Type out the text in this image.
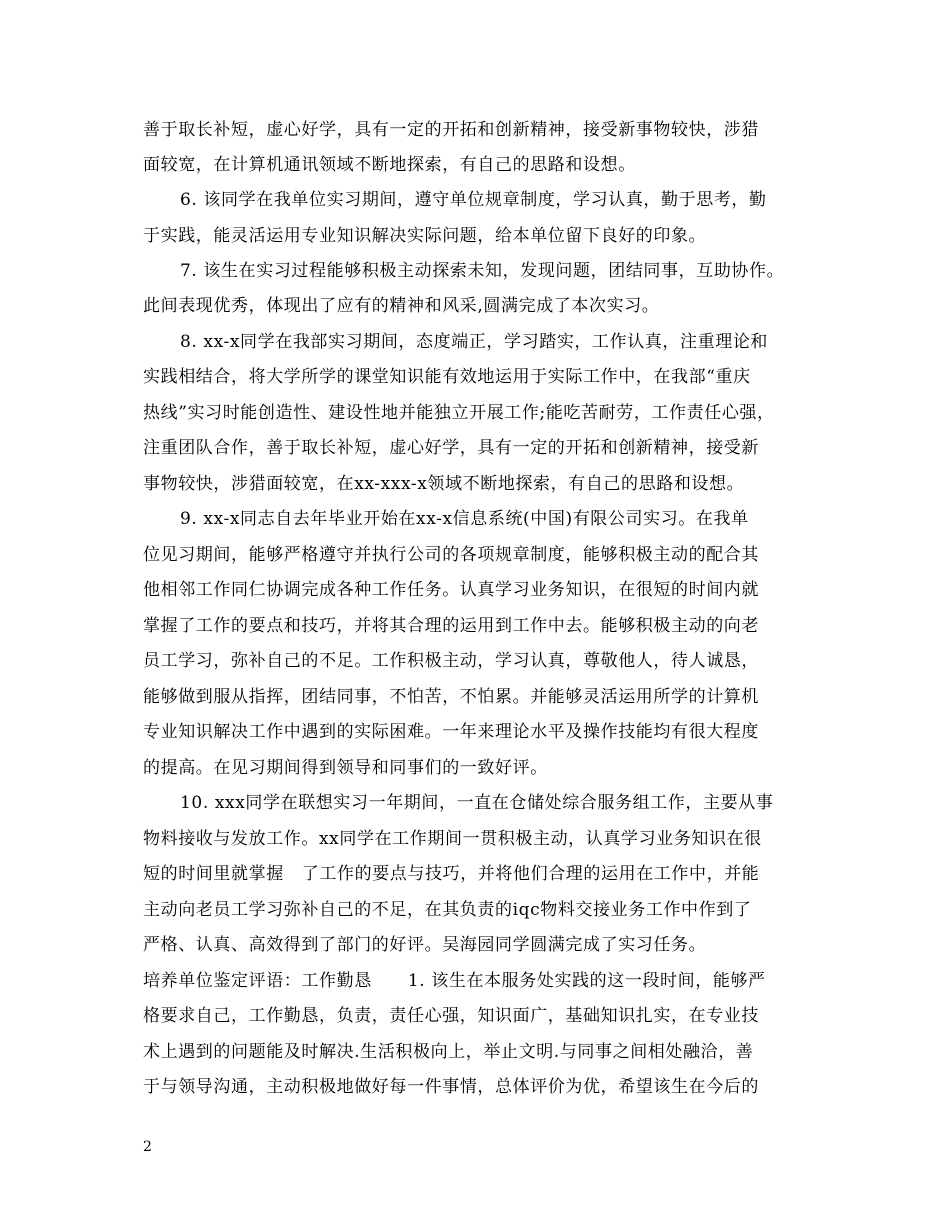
善于取长补短，虚心好学，具有一定的开拓和创新精神，接受新事物较快，涉猎
面较宽，在计算机通讯领域不断地探索，有自己的思路和设想。
6. 该同学在我单位实习期间，遵守单位规章制度，学习认真，勤于思考，勤
于实践，能灵活运用专业知识解决实际问题，给本单位留下良好的印象。
7. 该生在实习过程能够积极主动探索未知，发现问题，团结同事，互助协作。
此间表现优秀，体现出了应有的精神和风采,圆满完成了本次实习。
8. xx-x同学在我部实习期间，态度端正，学习踏实，工作认真，注重理论和
实践相结合，将大学所学的课堂知识能有效地运用于实际工作中，在我部“重庆
热线”实习时能创造性、建设性地并能独立开展工作;能吃苦耐劳，工作责任心强，
注重团队合作，善于取长补短，虚心好学，具有一定的开拓和创新精神，接受新
事物较快，涉猎面较宽，在xx-xxx-x领域不断地探索，有自己的思路和设想。
9. xx-x同志自去年毕业开始在xx-x信息系统(中国)有限公司实习。在我单
位见习期间，能够严格遵守并执行公司的各项规章制度，能够积极主动的配合其
他相邻工作同仁协调完成各种工作任务。认真学习业务知识，在很短的时间内就
掌握了工作的要点和技巧，并将其合理的运用到工作中去。能够积极主动的向老
员工学习，弥补自己的不足。工作积极主动，学习认真，尊敬他人，待人诚恳，
能够做到服从指挥，团结同事，不怕苦，不怕累。并能够灵活运用所学的计算机
专业知识解决工作中遇到的实际困难。一年来理论水平及操作技能均有很大程度
的提高。在见习期间得到领导和同事们的一致好评。
10. xxx同学在联想实习一年期间，一直在仓储处综合服务组工作，主要从事
物料接收与发放工作。xx同学在工作期间一贯积极主动，认真学习业务知识在很
短的时间里就掌握   了工作的要点与技巧，并将他们合理的运用在工作中，并能
主动向老员工学习弥补自己的不足，在其负责的iqc物料交接业务工作中作到了
严格、认真、高效得到了部门的好评。吴海园同学圆满完成了实习任务。
培养单位鉴定评语：工作勤恳      1. 该生在本服务处实践的这一段时间，能够严
格要求自己，工作勤恳，负责，责任心强，知识面广，基础知识扎实，在专业技
术上遇到的问题能及时解决.生活积极向上，举止文明.与同事之间相处融洽，善
于与领导沟通，主动积极地做好每一件事情，总体评价为优，希望该生在今后的
2
